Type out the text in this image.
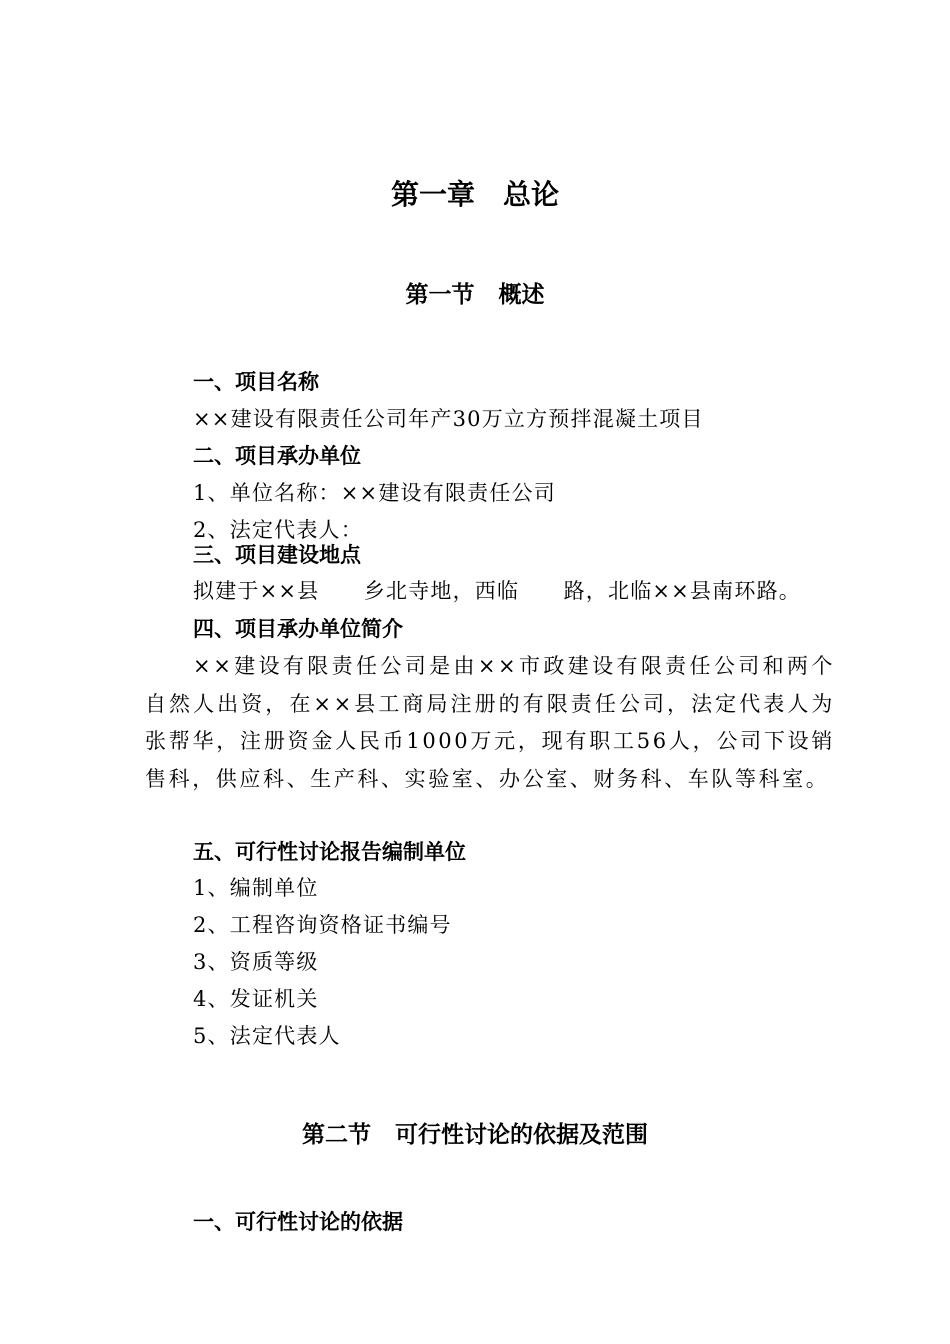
第一章 总论
第一节 概述
一、项目名称
××建设有限责任公司年产30万立方预拌混凝土项目
二、项目承办单位
1、单位名称：××建设有限责任公司
2、法定代表人：
三、项目建设地点
拟建于××县　　乡北寺地，西临　　路，北临××县南环路。
四、项目承办单位简介
××建设有限责任公司是由××市政建设有限责任公司和两个自然人出资，在××县工商局注册的有限责任公司，法定代表人为张帮华，注册资金人民币1000万元，现有职工56人，公司下设销售科，供应科、生产科、实验室、办公室、财务科、车队等科室。
五、可行性讨论报告编制单位
1、编制单位
2、工程咨询资格证书编号
3、资质等级
4、发证机关
5、法定代表人
第二节 可行性讨论的依据及范围
一、可行性讨论的依据
